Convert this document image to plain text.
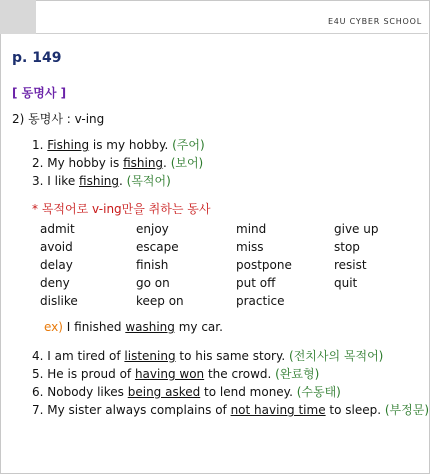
E4U CYBER SCHOOL
p. 149
[ 동명사 ]
2) 동명사 : v-ing
1. Fishing is my hobby. (주어)
2. My hobby is fishing. (보어)
3. I like fishing. (목적어)
* 목적어로 v-ing만을 취하는 동사
admit	enjoy	mind	give up
avoid	escape	miss	stop
delay	finish	postpone	resist
deny	go on	put off	quit
dislike	keep on	practice
ex) I finished washing my car.
4. I am tired of listening to his same story. (전치사의 목적어)
5. He is proud of having won the crowd. (완료형)
6. Nobody likes being asked to lend money. (수동태)
7. My sister always complains of not having time to sleep. (부정문)
